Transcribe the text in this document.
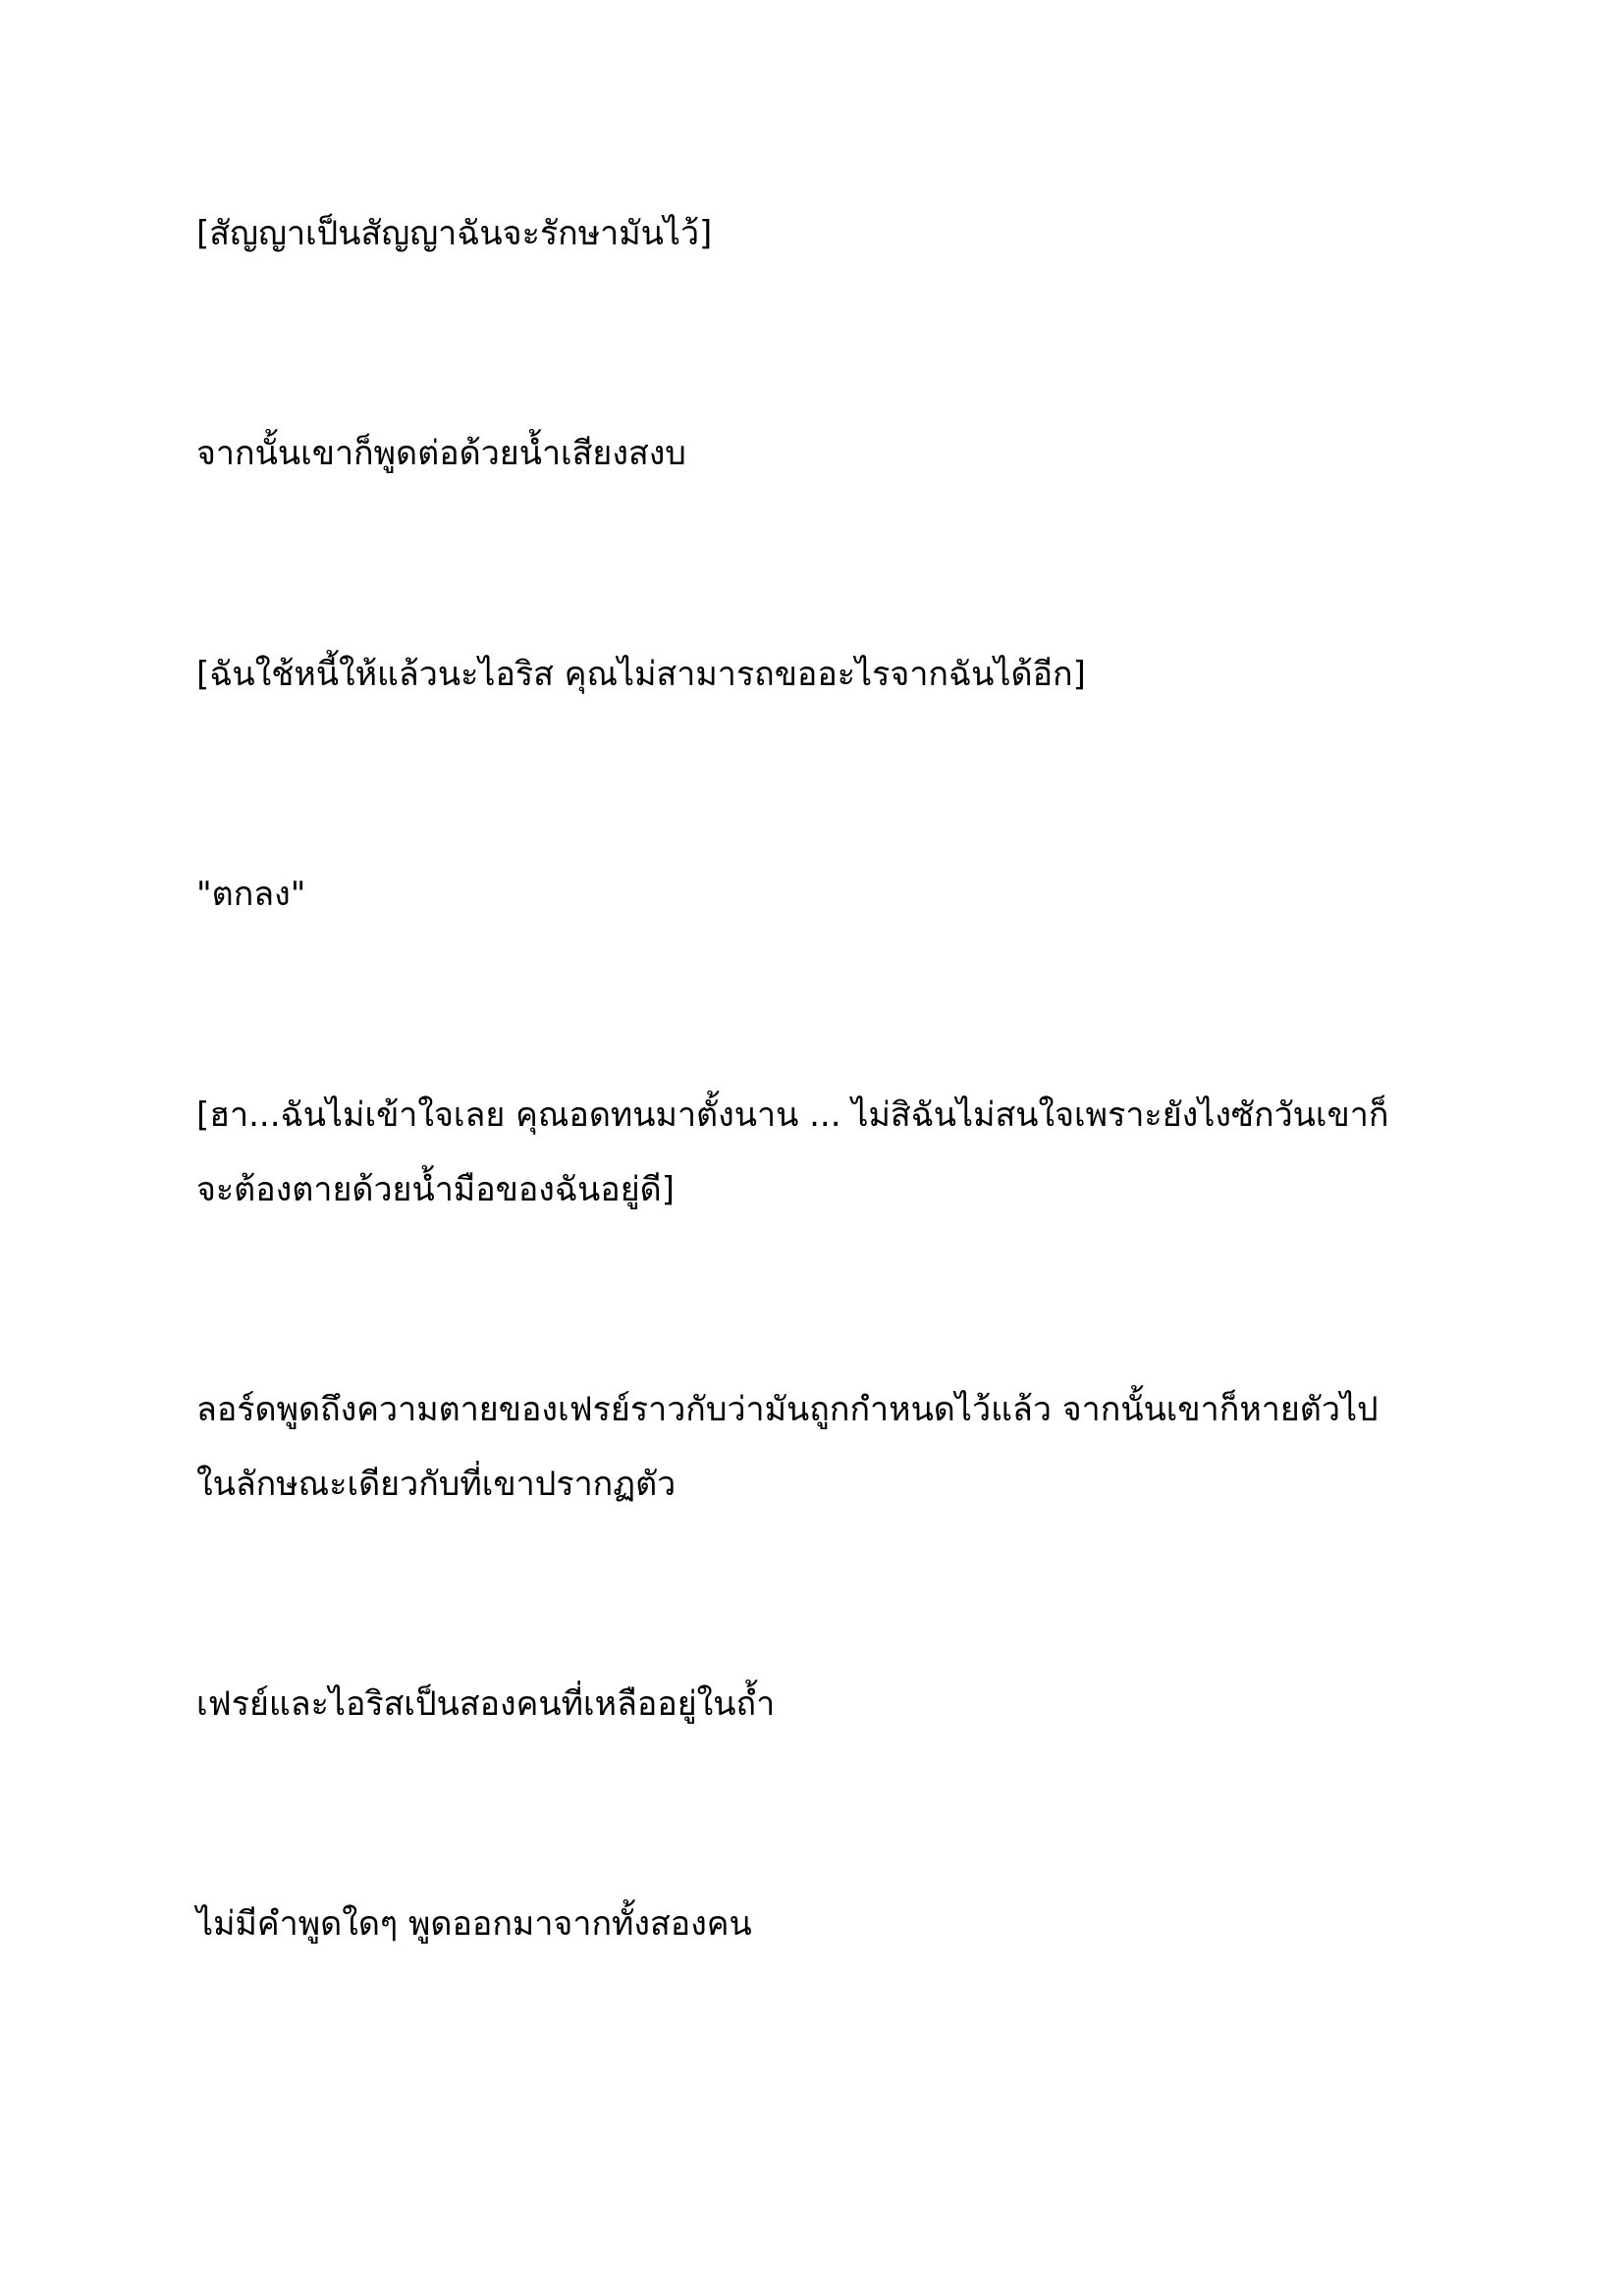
[สัญญาเป็นสัญญาฉันจะรักษามันไว้]

จากนั้นเขาก็พูดต่อด้วยน้ำเสียงสงบ

[ฉันใช้หนี้ให้แล้วนะไอริส คุณไม่สามารถขออะไรจากฉันได้อีก]

"ตกลง"

[ฮา...ฉันไม่เข้าใจเลย คุณอดทนมาตั้งนาน ... ไม่สิฉันไม่สนใจเพราะยังไงซักวันเขาก็
จะต้องตายด้วยน้ำมือของฉันอยู่ดี]

ลอร์ดพูดถึงความตายของเฟรย์ราวกับว่ามันถูกกำหนดไว้แล้ว จากนั้นเขาก็หายตัวไป
ในลักษณะเดียวกับที่เขาปรากฏตัว

เฟรย์และไอริสเป็นสองคนที่เหลืออยู่ในถ้ำ

ไม่มีคำพูดใดๆ พูดออกมาจากทั้งสองคน
